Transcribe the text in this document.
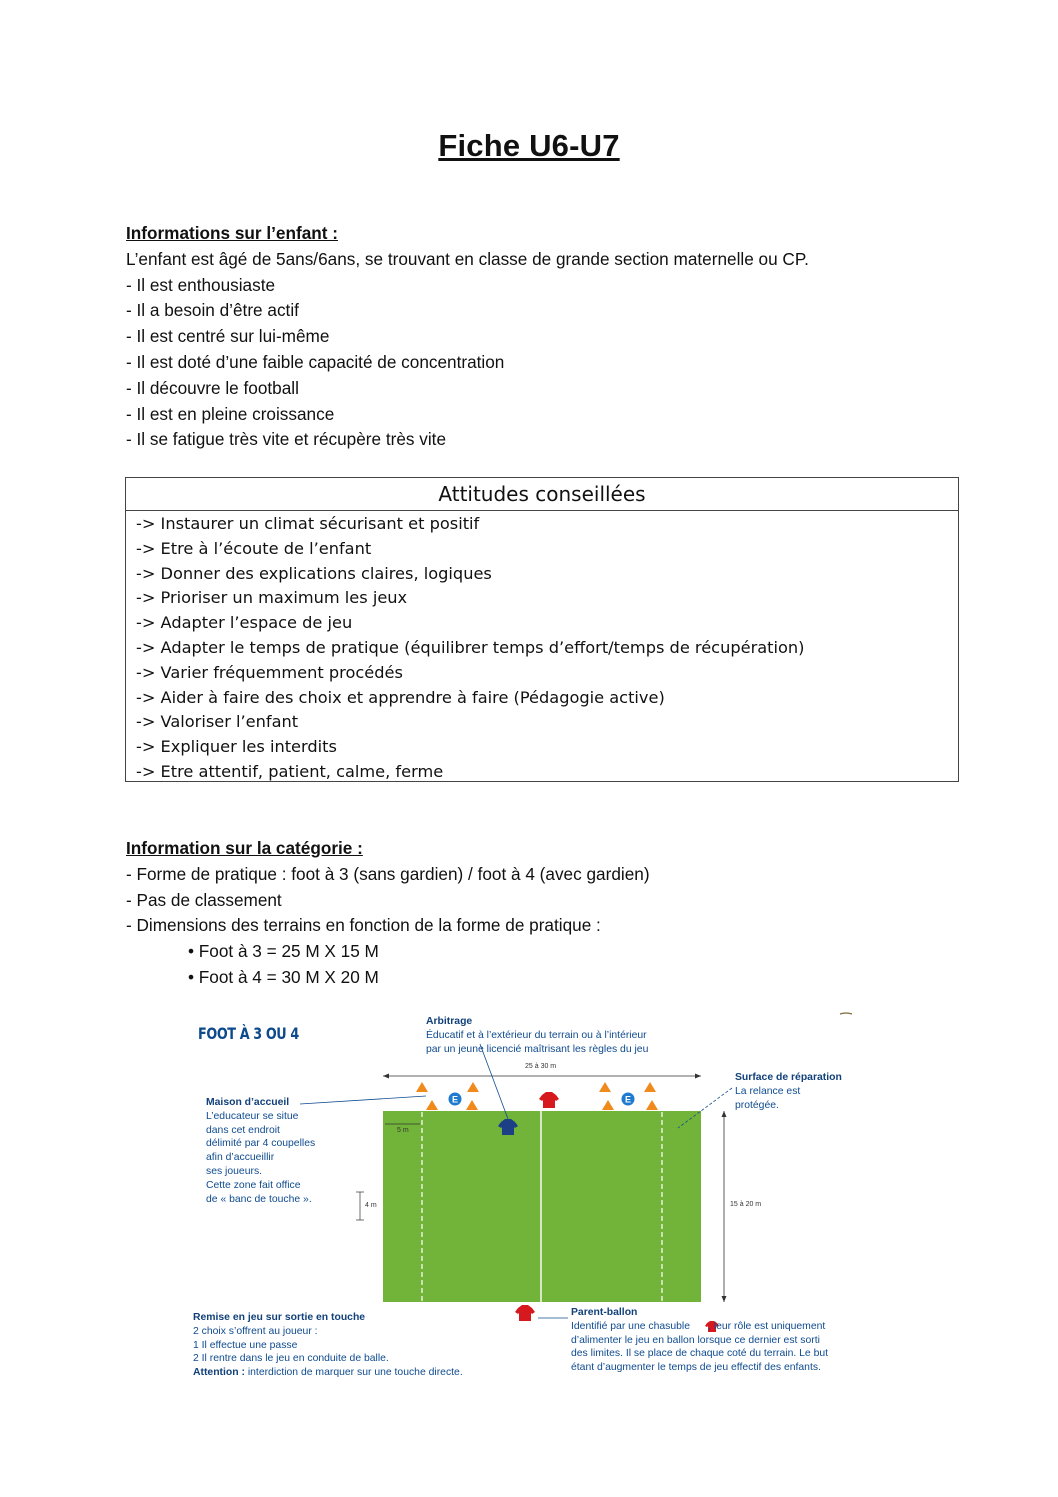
Fiche U6-U7
Informations sur l’enfant :
L’enfant est âgé de 5ans/6ans, se trouvant en classe de grande section maternelle ou CP.
- Il est enthousiaste
- Il a besoin d’être actif
- Il est centré sur lui-même
- Il est doté d’une faible capacité de concentration
- Il découvre le football
- Il est en pleine croissance
- Il se fatigue très vite et récupère très vite
Attitudes conseillées
-> Instaurer un climat sécurisant et positif
-> Etre à l’écoute de l’enfant
-> Donner des explications claires, logiques
-> Prioriser un maximum les jeux
-> Adapter l’espace de jeu
-> Adapter le temps de pratique (équilibrer temps d’effort/temps de récupération)
-> Varier fréquemment procédés
-> Aider à faire des choix et apprendre à faire (Pédagogie active)
-> Valoriser l’enfant
-> Expliquer les interdits
-> Etre attentif, patient, calme, ferme
Information sur la catégorie :
- Forme de pratique : foot à 3 (sans gardien) / foot à 4 (avec gardien)
- Pas de classement
- Dimensions des terrains en fonction de la forme de pratique :
• Foot à 3 = 25 M X 15 M
• Foot à 4 = 30 M X 20 M
E	E
FOOT À 3 OU 4
Arbitrage
Éducatif et à l’extérieur du terrain ou à l’intérieur
par un jeune licencié maîtrisant les règles du jeu
Maison d’accueil
L’educateur se situe
dans cet endroit
délimité par 4 coupelles
afin d’accueillir
ses joueurs.
Cette zone fait office
de « banc de touche ».
Surface de réparation
La relance est
protégée.
Remise en jeu sur sortie en touche
2 choix s’offrent au joueur :
1 Il effectue une passe
2 Il rentre dans le jeu en conduite de balle.
Attention : interdiction de marquer sur une touche directe.
Parent-ballon
Identifié par une chasuble , leur rôle est uniquement
d’alimenter le jeu en ballon lorsque ce dernier est sorti
des limites. Il se place de chaque coté du terrain. Le but
étant d’augmenter le temps de jeu effectif des enfants.
25 à 30 m
15 à 20 m
5 m
4 m
